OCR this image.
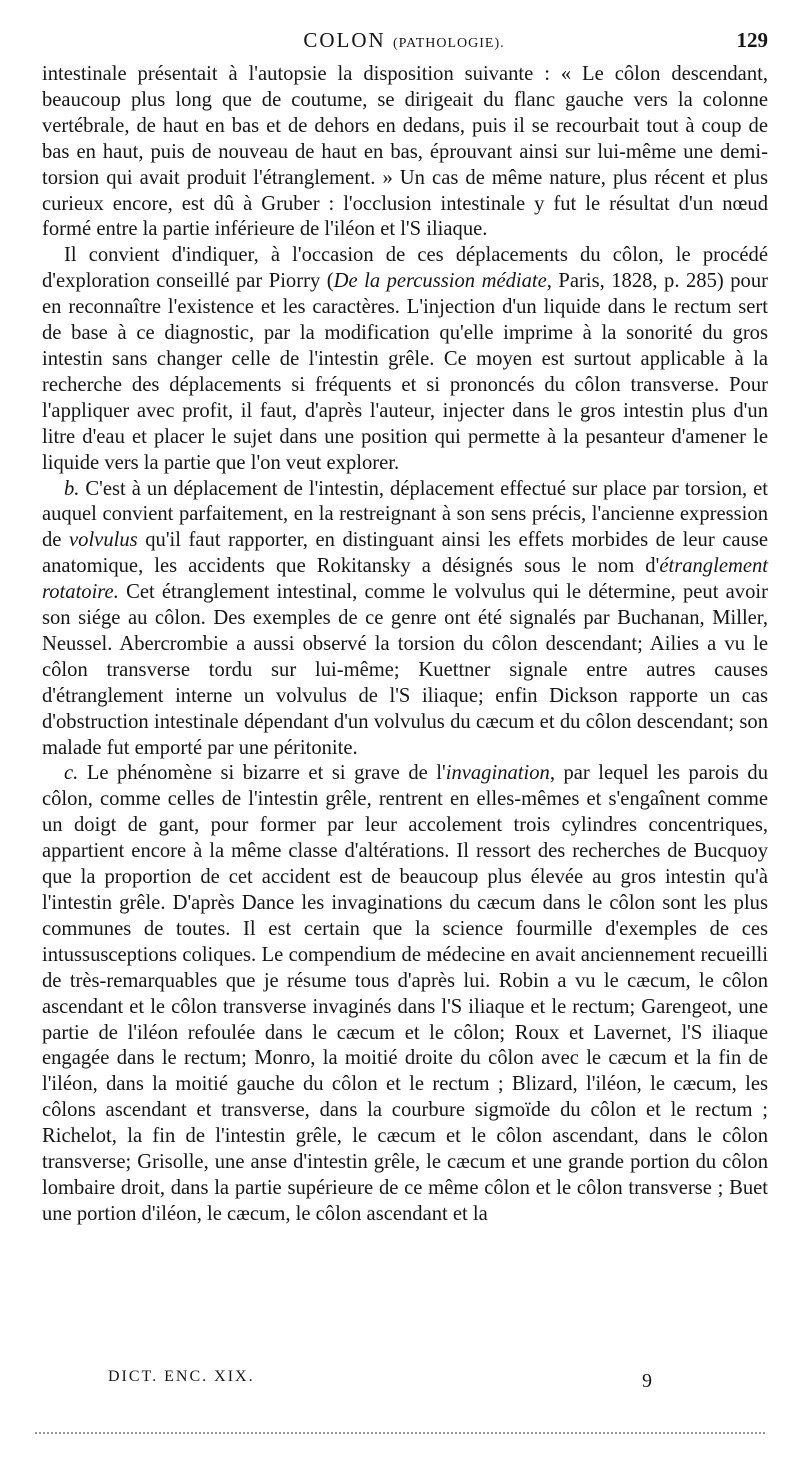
COLON (PATHOLOGIE).	129

intestinale présentait à l'autopsie la disposition suivante : « Le côlon descendant, beaucoup plus long que de coutume, se dirigeait du flanc gauche vers la colonne vertébrale, de haut en bas et de dehors en dedans, puis il se recourbait tout à coup de bas en haut, puis de nouveau de haut en bas, éprouvant ainsi sur lui-même une demi-torsion qui avait produit l'étranglement. » Un cas de même nature, plus récent et plus curieux encore, est dû à Gruber : l'occlusion intestinale y fut le résultat d'un nœud formé entre la partie inférieure de l'iléon et l'S iliaque.

Il convient d'indiquer, à l'occasion de ces déplacements du côlon, le procédé d'exploration conseillé par Piorry (De la percussion médiate, Paris, 1828, p. 285) pour en reconnaître l'existence et les caractères. L'injection d'un liquide dans le rectum sert de base à ce diagnostic, par la modification qu'elle imprime à la sonorité du gros intestin sans changer celle de l'intestin grêle. Ce moyen est surtout applicable à la recherche des déplacements si fréquents et si prononcés du côlon transverse. Pour l'appliquer avec profit, il faut, d'après l'auteur, injecter dans le gros intestin plus d'un litre d'eau et placer le sujet dans une position qui permette à la pesanteur d'amener le liquide vers la partie que l'on veut explorer.

b. C'est à un déplacement de l'intestin, déplacement effectué sur place par torsion, et auquel convient parfaitement, en la restreignant à son sens précis, l'ancienne expression de volvulus qu'il faut rapporter, en distinguant ainsi les effets morbides de leur cause anatomique, les accidents que Rokitansky a désignés sous le nom d'étranglement rotatoire. Cet étranglement intestinal, comme le volvulus qui le détermine, peut avoir son siége au côlon. Des exemples de ce genre ont été signalés par Buchanan, Miller, Neussel. Abercrombie a aussi observé la torsion du côlon descendant; Ailies a vu le côlon transverse tordu sur lui-même; Kuettner signale entre autres causes d'étranglement interne un volvulus de l'S iliaque; enfin Dickson rapporte un cas d'obstruction intestinale dépendant d'un volvulus du cæcum et du côlon descendant; son malade fut emporté par une péritonite.

c. Le phénomène si bizarre et si grave de l'invagination, par lequel les parois du côlon, comme celles de l'intestin grêle, rentrent en elles-mêmes et s'engaînent comme un doigt de gant, pour former par leur accolement trois cylindres concentriques, appartient encore à la même classe d'altérations. Il ressort des recherches de Bucquoy que la proportion de cet accident est de beaucoup plus élevée au gros intestin qu'à l'intestin grêle. D'après Dance les invaginations du cæcum dans le côlon sont les plus communes de toutes. Il est certain que la science fourmille d'exemples de ces intussusceptions coliques. Le compendium de médecine en avait anciennement recueilli de très-remarquables que je résume tous d'après lui. Robin a vu le cæcum, le côlon ascendant et le côlon transverse invaginés dans l'S iliaque et le rectum; Garengeot, une partie de l'iléon refoulée dans le cæcum et le côlon; Roux et Lavernet, l'S iliaque engagée dans le rectum; Monro, la moitié droite du côlon avec le cæcum et la fin de l'iléon, dans la moitié gauche du côlon et le rectum ; Blizard, l'iléon, le cæcum, les côlons ascendant et transverse, dans la courbure sigmoïde du côlon et le rectum ; Richelot, la fin de l'intestin grêle, le cæcum et le côlon ascendant, dans le côlon transverse; Grisolle, une anse d'intestin grêle, le cæcum et une grande portion du côlon lombaire droit, dans la partie supérieure de ce même côlon et le côlon transverse ; Buet une portion d'iléon, le cæcum, le côlon ascendant et la

DICT. ENC. XIX.	9
